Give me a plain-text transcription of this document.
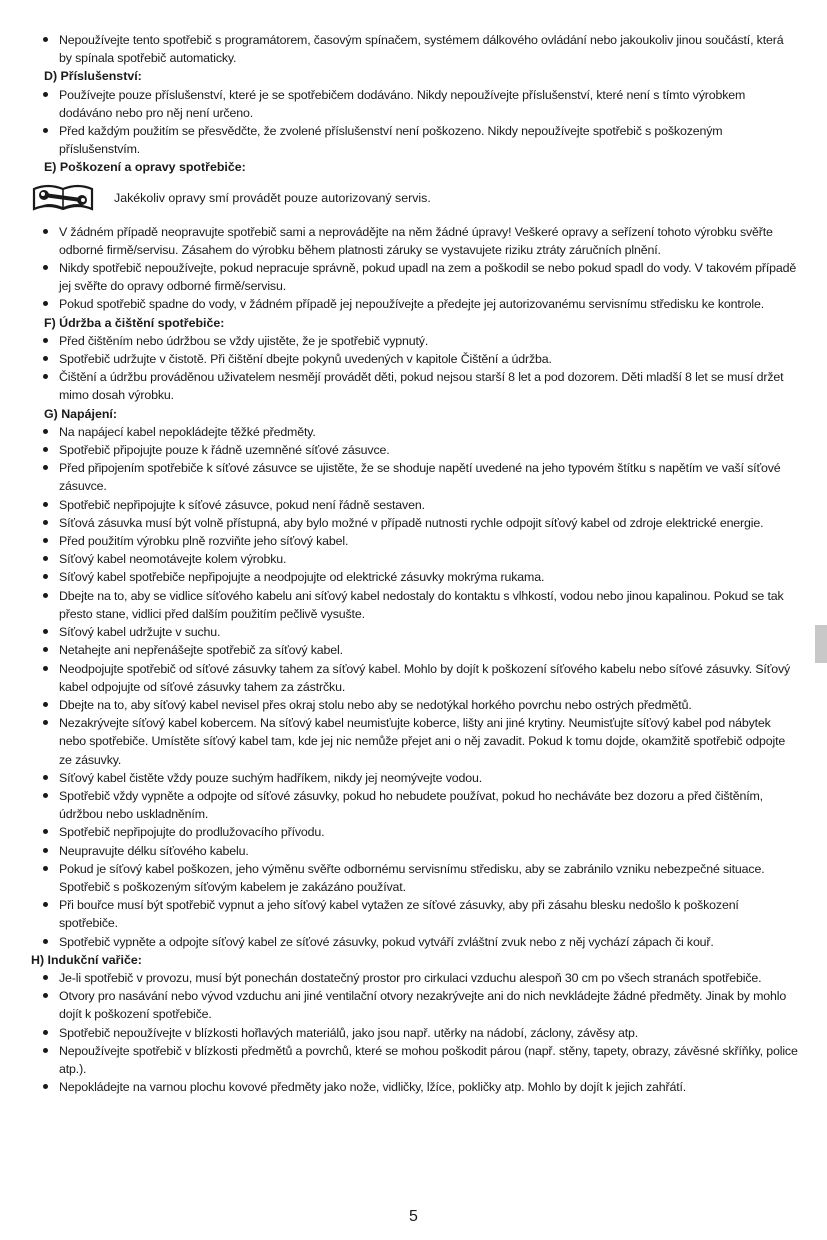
Nepoužívejte tento spotřebič s programátorem, časovým spínačem, systémem dálkového ovládání nebo jakoukoliv jinou součástí, která by spínala spotřebič automaticky.
D) Příslušenství:
Používejte pouze příslušenství, které je se spotřebičem dodáváno. Nikdy nepoužívejte příslušenství, které není s tímto výrobkem dodáváno nebo pro něj není určeno.
Před každým použitím se přesvědčte, že zvolené příslušenství není poškozeno. Nikdy nepoužívejte spotřebič s poškozeným příslušenstvím.
E) Poškození a opravy spotřebiče:
Jakékoliv opravy smí provádět pouze autorizovaný servis.
V žádném případě neopravujte spotřebič sami a neprovádějte na něm žádné úpravy! Veškeré opravy a seřízení tohoto výrobku svěřte odborné firmě/servisu. Zásahem do výrobku během platnosti záruky se vystavujete riziku ztráty záručních plnění.
Nikdy spotřebič nepoužívejte, pokud nepracuje správně, pokud upadl na zem a poškodil se nebo pokud spadl do vody. V takovém případě jej svěřte do opravy odborné firmě/servisu.
Pokud spotřebič spadne do vody, v žádném případě jej nepoužívejte a předejte jej autorizovanému servisnímu středisku ke kontrole.
F) Údržba a čištění spotřebiče:
Před čištěním nebo údržbou se vždy ujistěte, že je spotřebič vypnutý.
Spotřebič udržujte v čistotě. Při čištění dbejte pokynů uvedených v kapitole Čištění a údržba.
Čištění a údržbu prováděnou uživatelem nesmějí provádět děti, pokud nejsou starší 8 let a pod dozorem. Děti mladší 8 let se musí držet mimo dosah výrobku.
G) Napájení:
Na napájecí kabel nepokládejte těžké předměty.
Spotřebič připojujte pouze k řádně uzemněné síťové zásuvce.
Před připojením spotřebiče k síťové zásuvce se ujistěte, že se shoduje napětí uvedené na jeho typovém štítku s napětím ve vaší síťové zásuvce.
Spotřebič nepřipojujte k síťové zásuvce, pokud není řádně sestaven.
Síťová zásuvka musí být volně přístupná, aby bylo možné v případě nutnosti rychle odpojit síťový kabel od zdroje elektrické energie.
Před použitím výrobku plně rozviňte jeho síťový kabel.
Síťový kabel neomotávejte kolem výrobku.
Síťový kabel spotřebiče nepřipojujte a neodpojujte od elektrické zásuvky mokrýma rukama.
Dbejte na to, aby se vidlice síťového kabelu ani síťový kabel nedostaly do kontaktu s vlhkostí, vodou nebo jinou kapalinou. Pokud se tak přesto stane, vidlici před dalším použitím pečlivě vysušte.
Síťový kabel udržujte v suchu.
Netahejte ani nepřenášejte spotřebič za síťový kabel.
Neodpojujte spotřebič od síťové zásuvky tahem za síťový kabel. Mohlo by dojít k poškození síťového kabelu nebo síťové zásuvky. Síťový kabel odpojujte od síťové zásuvky tahem za zástrčku.
Dbejte na to, aby síťový kabel nevisel přes okraj stolu nebo aby se nedotýkal horkého povrchu nebo ostrých předmětů.
Nezakrývejte síťový kabel kobercem. Na síťový kabel neumisťujte koberce, lišty ani jiné krytiny. Neumisťujte síťový kabel pod nábytek nebo spotřebiče. Umístěte síťový kabel tam, kde jej nic nemůže přejet ani o něj zavadit. Pokud k tomu dojde, okamžitě spotřebič odpojte ze zásuvky.
Síťový kabel čistěte vždy pouze suchým hadříkem, nikdy jej neomývejte vodou.
Spotřebič vždy vypněte a odpojte od síťové zásuvky, pokud ho nebudete používat, pokud ho necháváte bez dozoru a před čištěním, údržbou nebo uskladněním.
Spotřebič nepřipojujte do prodlužovacího přívodu.
Neupravujte délku síťového kabelu.
Pokud je síťový kabel poškozen, jeho výměnu svěřte odbornému servisnímu středisku, aby se zabránilo vzniku nebezpečné situace. Spotřebič s poškozeným síťovým kabelem je zakázáno používat.
Při bouřce musí být spotřebič vypnut a jeho síťový kabel vytažen ze síťové zásuvky, aby při zásahu blesku nedošlo k poškození spotřebiče.
Spotřebič vypněte a odpojte síťový kabel ze síťové zásuvky, pokud vytváří zvláštní zvuk nebo z něj vychází zápach či kouř.
H) Indukční vařiče:
Je-li spotřebič v provozu, musí být ponechán dostatečný prostor pro cirkulaci vzduchu alespoň 30 cm po všech stranách spotřebiče.
Otvory pro nasávání nebo vývod vzduchu ani jiné ventilační otvory nezakrývejte ani do nich nevkládejte žádné předměty. Jinak by mohlo dojít k poškození spotřebiče.
Spotřebič nepoužívejte v blízkosti hořlavých materiálů, jako jsou např. utěrky na nádobí, záclony, závěsy atp.
Nepoužívejte spotřebič v blízkosti předmětů a povrchů, které se mohou poškodit párou (např. stěny, tapety, obrazy, závěsné skříňky, police atp.).
Nepokládejte na varnou plochu kovové předměty jako nože, vidličky, lžíce, pokličky atp. Mohlo by dojít k jejich zahřátí.
5
